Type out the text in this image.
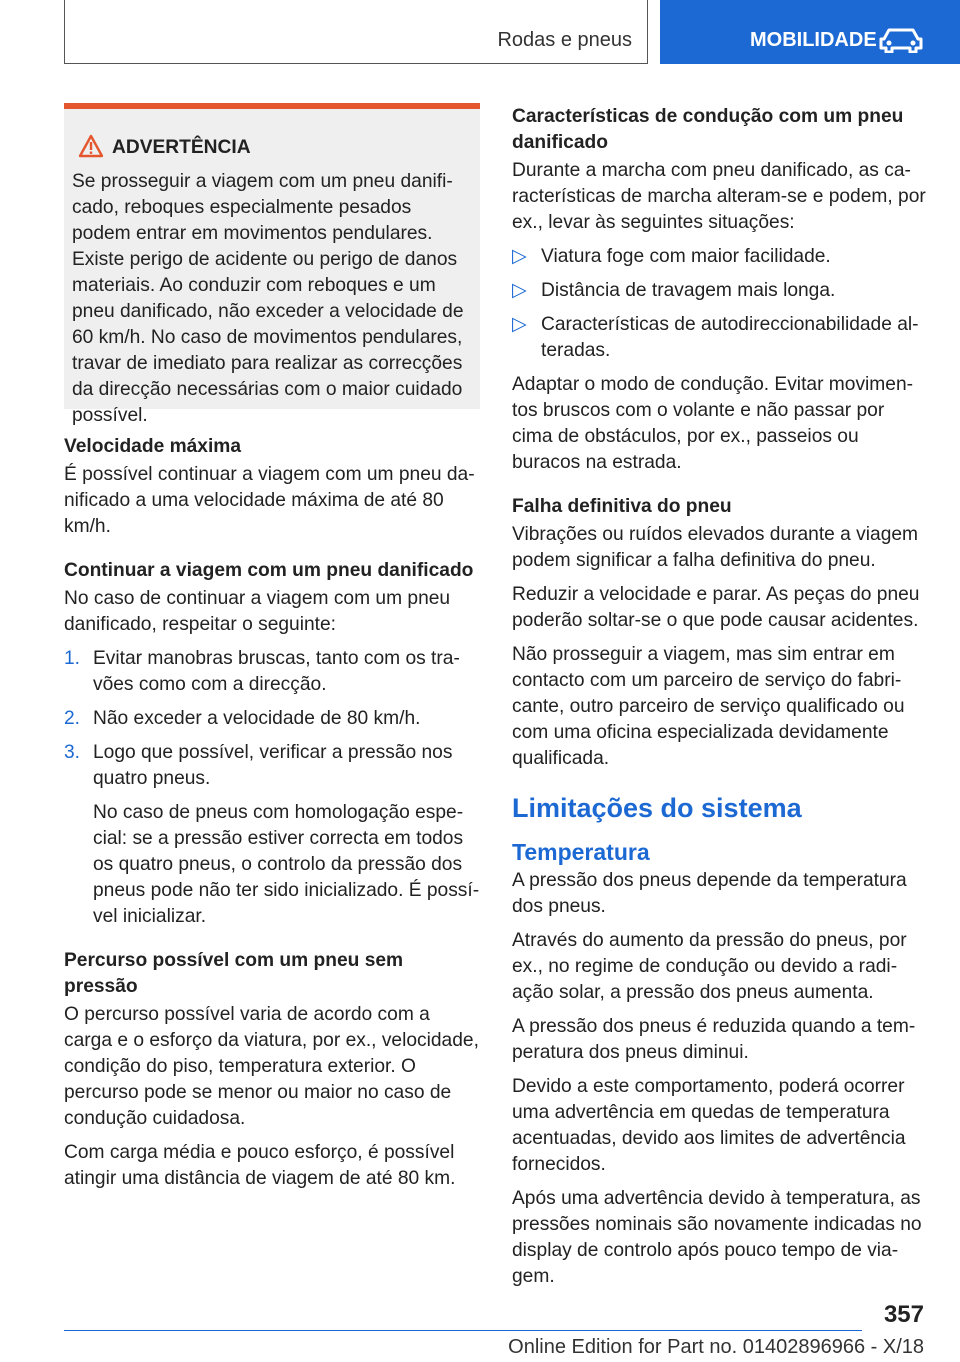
Rodas e pneus	MOBILIDADE
ADVERTÊNCIA
Se prosseguir a viagem com um pneu danificado, reboques especialmente pesados podem entrar em movimentos pendulares. Existe perigo de acidente ou perigo de danos materiais. Ao conduzir com reboques e um pneu danificado, não exceder a velocidade de 60 km/h. No caso de movimentos pendulares, travar de imediato para realizar as correcções da direcção necessárias com o maior cuidado possível.
Velocidade máxima

É possível continuar a viagem com um pneu danificado a uma velocidade máxima de até 80 km/h.

Continuar a viagem com um pneu danificado

No caso de continuar a viagem com um pneu danificado, respeitar o seguinte:

1. Evitar manobras bruscas, tanto com os travões como com a direcção.
2. Não exceder a velocidade de 80 km/h.
3. Logo que possível, verificar a pressão nos quatro pneus.

No caso de pneus com homologação especial: se a pressão estiver correcta em todos os quatro pneus, o controlo da pressão dos pneus pode não ter sido inicializado. É possível inicializar.

Percurso possível com um pneu sem pressão

O percurso possível varia de acordo com a carga e o esforço da viatura, por ex., velocidade, condição do piso, temperatura exterior. O percurso pode se menor ou maior no caso de condução cuidadosa.

Com carga média e pouco esforço, é possível atingir uma distância de viagem de até 80 km.

Características de condução com um pneu danificado

Durante a marcha com pneu danificado, as características de marcha alteram-se e podem, por ex., levar às seguintes situações:

▷ Viatura foge com maior facilidade.
▷ Distância de travagem mais longa.
▷ Características de autodireccionabilidade alteradas.

Adaptar o modo de condução. Evitar movimentos bruscos com o volante e não passar por cima de obstáculos, por ex., passeios ou buracos na estrada.

Falha definitiva do pneu

Vibrações ou ruídos elevados durante a viagem podem significar a falha definitiva do pneu.

Reduzir a velocidade e parar. As peças do pneu poderão soltar-se o que pode causar acidentes.

Não prosseguir a viagem, mas sim entrar em contacto com um parceiro de serviço do fabricante, outro parceiro de serviço qualificado ou com uma oficina especializada devidamente qualificada.

Limitações do sistema
Temperatura

A pressão dos pneus depende da temperatura dos pneus.

Através do aumento da pressão do pneus, por ex., no regime de condução ou devido a radiação solar, a pressão dos pneus aumenta.

A pressão dos pneus é reduzida quando a temperatura dos pneus diminui.

Devido a este comportamento, poderá ocorrer uma advertência em quedas de temperatura acentuadas, devido aos limites de advertência fornecidos.

Após uma advertência devido à temperatura, as pressões nominais são novamente indicadas no display de controlo após pouco tempo de viagem.

357
Online Edition for Part no. 01402896966 - X/18
